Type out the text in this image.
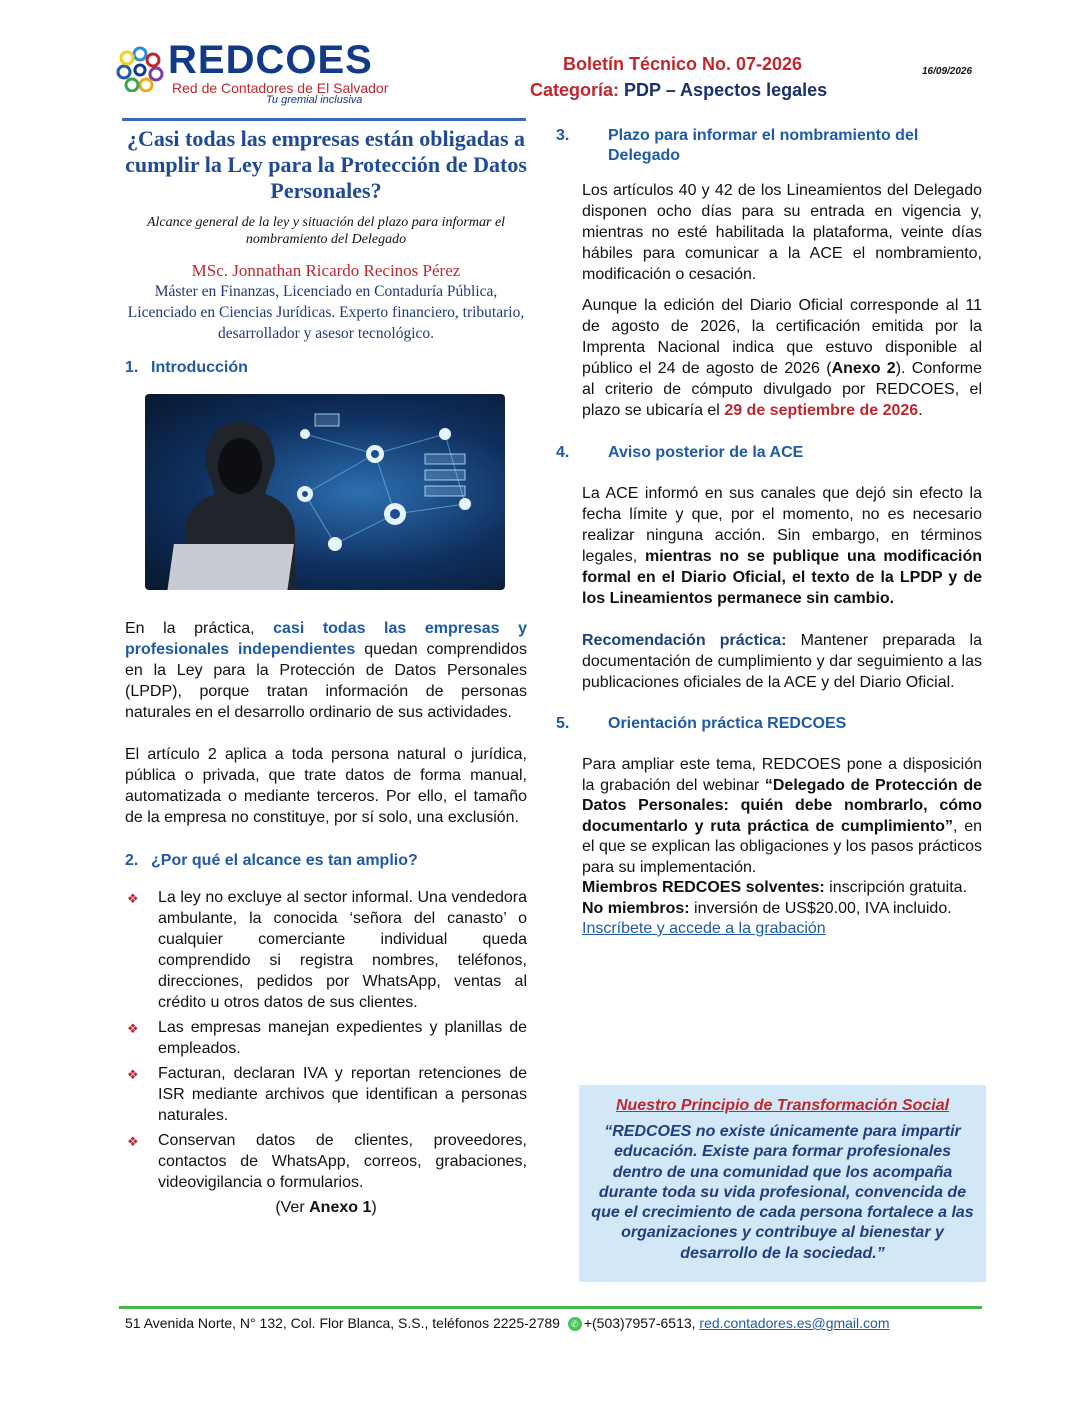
REDCOES
Red de Contadores de El Salvador
Tu gremial inclusiva
Boletín Técnico No. 07-2026
Categoría: PDP – Aspectos legales
16/09/2026
¿Casi todas las empresas están obligadas a cumplir la Ley para la Protección de Datos Personales?

Alcance general de la ley y situación del plazo para informar el nombramiento del Delegado

MSc. Jonnathan Ricardo Recinos Pérez

Máster en Finanzas, Licenciado en Contaduría Pública, Licenciado en Ciencias Jurídicas. Experto financiero, tributario, desarrollador y asesor tecnológico.

1. Introducción

En la práctica, casi todas las empresas y profesionales independientes quedan comprendidos en la Ley para la Protección de Datos Personales (LPDP), porque tratan información de personas naturales en el desarrollo ordinario de sus actividades.

El artículo 2 aplica a toda persona natural o jurídica, pública o privada, que trate datos de forma manual, automatizada o mediante terceros. Por ello, el tamaño de la empresa no constituye, por sí solo, una exclusión.

2. ¿Por qué el alcance es tan amplio?
❖ La ley no excluye al sector informal. Una vendedora ambulante, la conocida ‘señora del canasto’ o cualquier comerciante individual queda comprendido si registra nombres, teléfonos, direcciones, pedidos por WhatsApp, ventas al crédito u otros datos de sus clientes.
❖ Las empresas manejan expedientes y planillas de empleados.
❖ Facturan, declaran IVA y reportan retenciones de ISR mediante archivos que identifican a personas naturales.
❖ Conservan datos de clientes, proveedores, contactos de WhatsApp, correos, grabaciones, videovigilancia o formularios.

(Ver Anexo 1)

3. Plazo para informar el nombramiento del Delegado

Los artículos 40 y 42 de los Lineamientos del Delegado disponen ocho días para su entrada en vigencia y, mientras no esté habilitada la plataforma, veinte días hábiles para comunicar a la ACE el nombramiento, modificación o cesación.

Aunque la edición del Diario Oficial corresponde al 11 de agosto de 2026, la certificación emitida por la Imprenta Nacional indica que estuvo disponible al público el 24 de agosto de 2026 (Anexo 2). Conforme al criterio de cómputo divulgado por REDCOES, el plazo se ubicaría el 29 de septiembre de 2026.

4. Aviso posterior de la ACE

La ACE informó en sus canales que dejó sin efecto la fecha límite y que, por el momento, no es necesario realizar ninguna acción. Sin embargo, en términos legales, mientras no se publique una modificación formal en el Diario Oficial, el texto de la LPDP y de los Lineamientos permanece sin cambio.

Recomendación práctica: Mantener preparada la documentación de cumplimiento y dar seguimiento a las publicaciones oficiales de la ACE y del Diario Oficial.

5. Orientación práctica REDCOES

Para ampliar este tema, REDCOES pone a disposición la grabación del webinar “Delegado de Protección de Datos Personales: quién debe nombrarlo, cómo documentarlo y ruta práctica de cumplimiento”, en el que se explican las obligaciones y los pasos prácticos para su implementación.

Miembros REDCOES solventes: inscripción gratuita.

No miembros: inversión de US$20.00, IVA incluido.

Inscríbete y accede a la grabación

Nuestro Principio de Transformación Social

“REDCOES no existe únicamente para impartir educación. Existe para formar profesionales dentro de una comunidad que los acompaña durante toda su vida profesional, convencida de que el crecimiento de cada persona fortalece a las organizaciones y contribuye al bienestar y desarrollo de la sociedad.”

51 Avenida Norte, N° 132, Col. Flor Blanca, S.S., teléfonos 2225-2789 ✆ +(503)7957-6513, red.contadores.es@gmail.com
